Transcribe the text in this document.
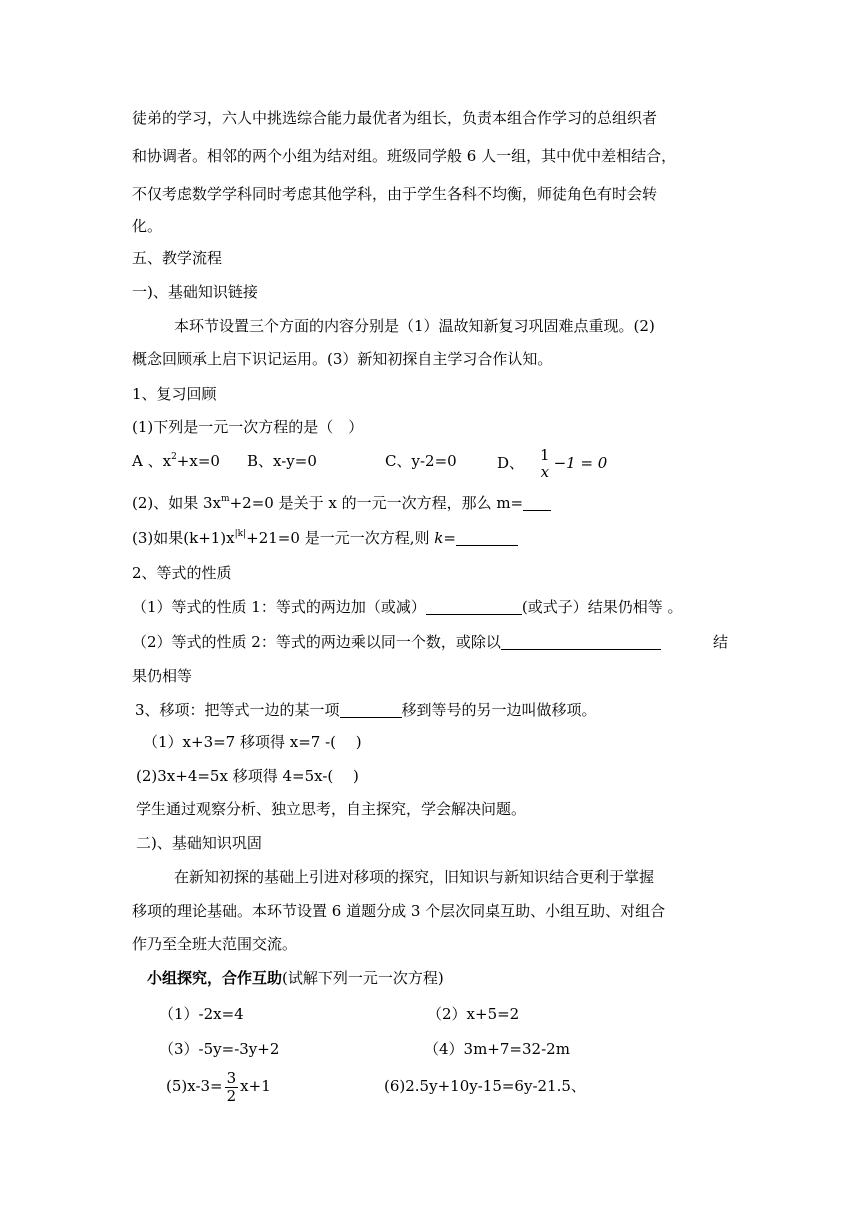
徒弟的学习，六人中挑选综合能力最优者为组长，负责本组合作学习的总组织者
和协调者。相邻的两个小组为结对组。班级同学般 6 人一组，其中优中差相结合，
不仅考虑数学学科同时考虑其他学科，由于学生各科不均衡，师徒角色有时会转
化。
五、教学流程
一)、基础知识链接
本环节设置三个方面的内容分别是（1）温故知新复习巩固难点重现。(2)
概念回顾承上启下识记运用。(3）新知初探自主学习合作认知。
1、复习回顾
(1)下列是一元一次方程的是（　）
A 、$x^2+x=0$ B、x-y=0	C、y-2=0	D、 1
x −1 = 0
(2)、如果 $3x^m+2=0$ 是关于 x 的一元一次方程，那么 m=
(3)如果$(k+1)x^{|k|}+21=0$ 是一元一次方程,则 k=
2、等式的性质
（1）等式的性质 1：等式的两边加（或减）	(或式子）结果仍相等 。
（2）等式的性质 2：等式的两边乘以同一个数，或除以	结
果仍相等
3、移项：把等式一边的某一项	移到等号的另一边叫做移项。
（1）x+3=7 移项得 x=7 -(　 )
(2)3x+4=5x 移项得 4=5x-(　 )
学生通过观察分析、独立思考，自主探究，学会解决问题。
二)、基础知识巩固
在新知初探的基础上引进对移项的探究，旧知识与新知识结合更利于掌握
移项的理论基础。本环节设置 6 道题分成 3 个层次同桌互助、小组互助、对组合
作乃至全班大范围交流。
小组探究，合作互助(试解下列一元一次方程)
（1）-2x=4	（2）x+5=2
（3）-5y=-3y+2	（4）3m+7=32-2m
$(5)x-3= \frac{3}{2} x+1$	(6)2.5y+10y-15=6y-21.5、
